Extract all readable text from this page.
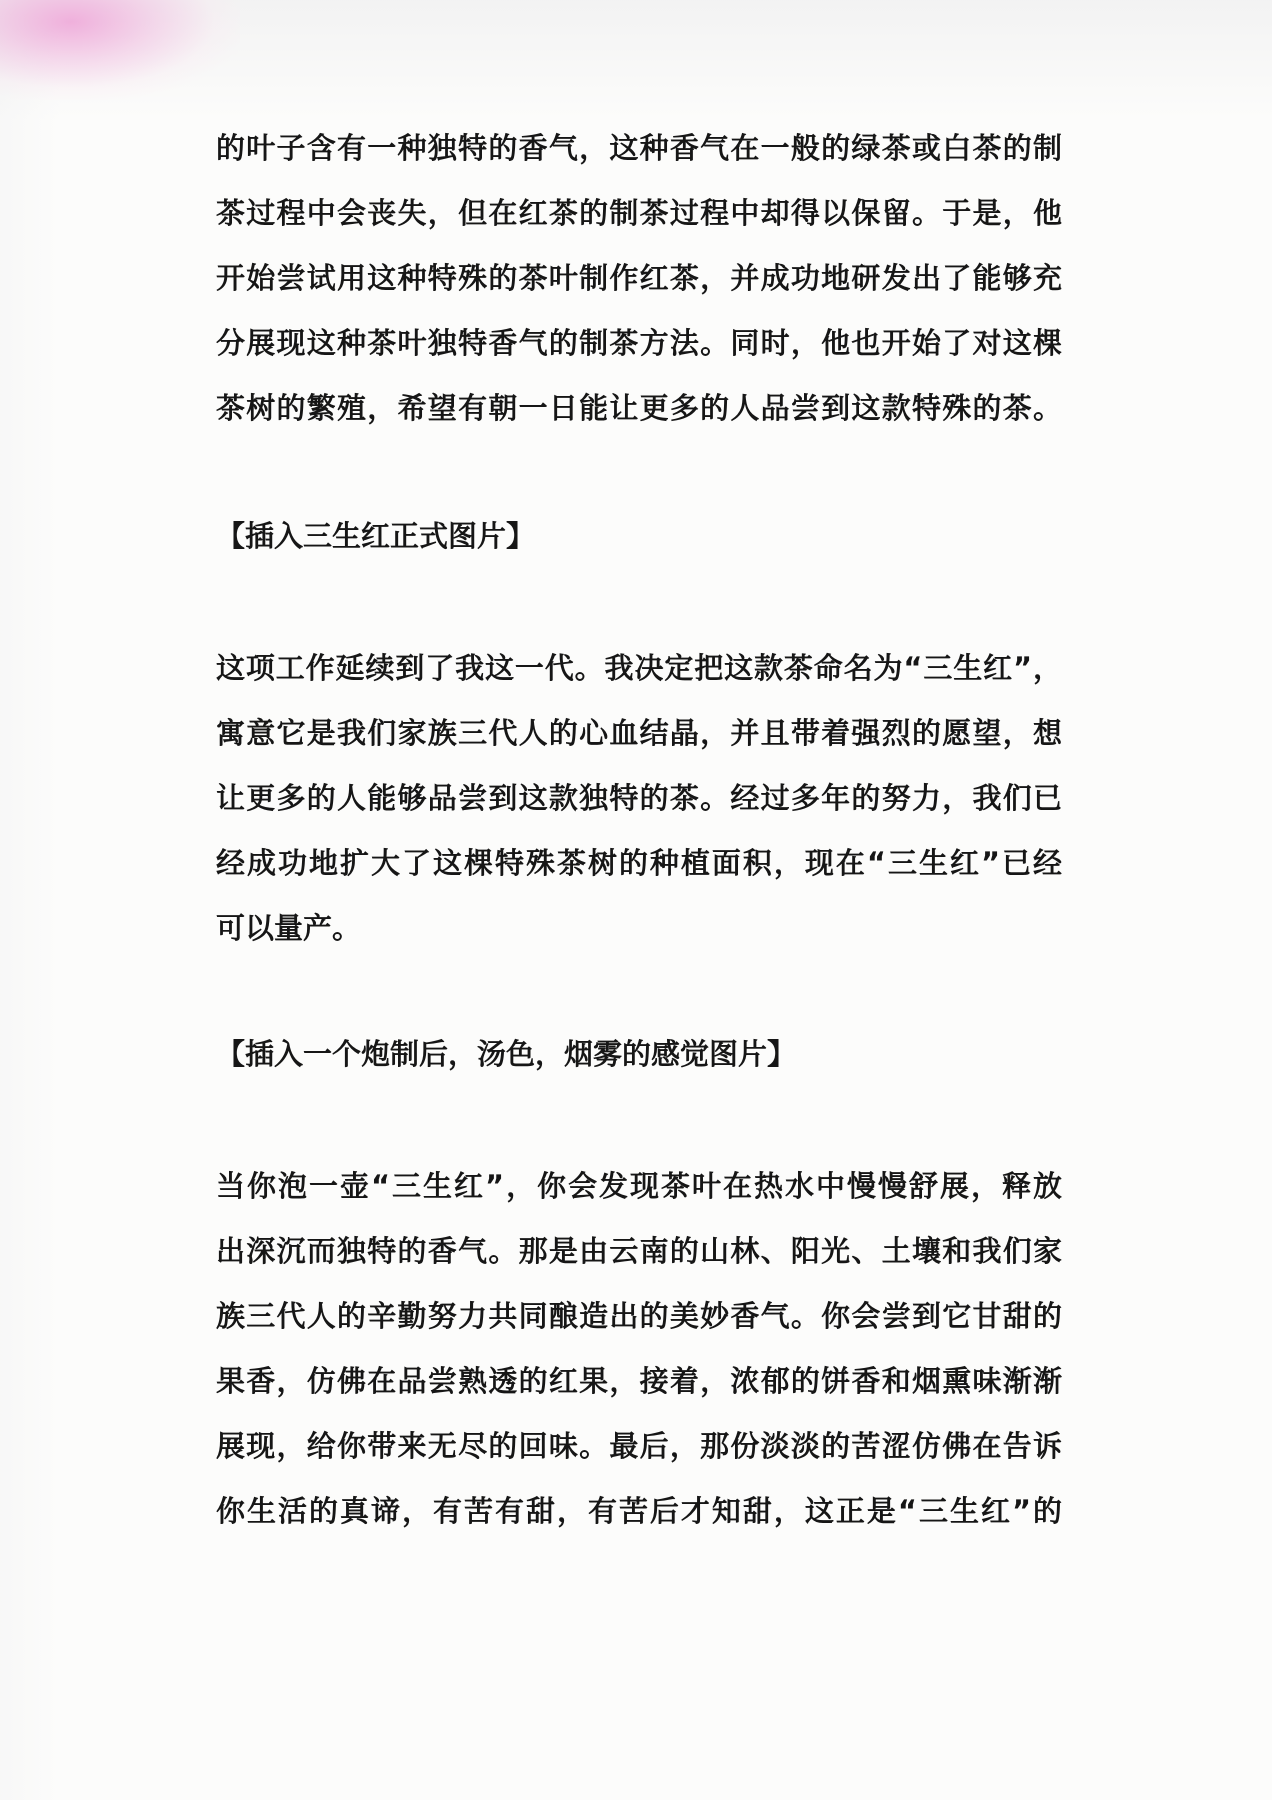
的叶子含有一种独特的香气，这种香气在一般的绿茶或白茶的制
茶过程中会丧失，但在红茶的制茶过程中却得以保留。于是，他
开始尝试用这种特殊的茶叶制作红茶，并成功地研发出了能够充
分展现这种茶叶独特香气的制茶方法。同时，他也开始了对这棵
茶树的繁殖，希望有朝一日能让更多的人品尝到这款特殊的茶。
【插入三生红正式图片】
这项工作延续到了我这一代。我决定把这款茶命名为“三生红”，
寓意它是我们家族三代人的心血结晶，并且带着强烈的愿望，想
让更多的人能够品尝到这款独特的茶。经过多年的努力，我们已
经成功地扩大了这棵特殊茶树的种植面积，现在“三生红”已经
可以量产。
【插入一个炮制后，汤色，烟雾的感觉图片】
当你泡一壶“三生红”，你会发现茶叶在热水中慢慢舒展，释放
出深沉而独特的香气。那是由云南的山林、阳光、土壤和我们家
族三代人的辛勤努力共同酿造出的美妙香气。你会尝到它甘甜的
果香，仿佛在品尝熟透的红果，接着，浓郁的饼香和烟熏味渐渐
展现，给你带来无尽的回味。最后，那份淡淡的苦涩仿佛在告诉
你生活的真谛，有苦有甜，有苦后才知甜，这正是“三生红”的
